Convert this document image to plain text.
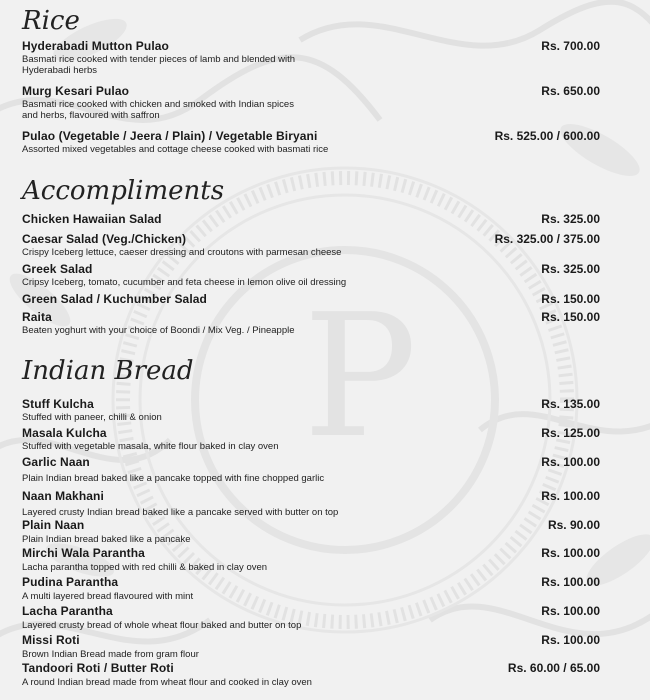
P
Rice
Hyderabadi Mutton Pulao	Rs. 700.00
Basmati rice cooked with tender pieces of lamb and blended with Hyderabadi herbs
Murg Kesari Pulao	Rs. 650.00
Basmati rice cooked with chicken and smoked with Indian spices and herbs, flavoured with saffron
Pulao (Vegetable / Jeera / Plain) / Vegetable Biryani	Rs. 525.00 / 600.00
Assorted mixed vegetables and cottage cheese cooked with basmati rice
Accompliments
Chicken Hawaiian Salad	Rs. 325.00
Caesar Salad (Veg./Chicken)	Rs. 325.00 / 375.00
Crispy Iceberg lettuce, caeser dressing and croutons with parmesan cheese
Greek Salad	Rs. 325.00
Cripsy Iceberg, tomato, cucumber and feta cheese in lemon olive oil dressing
Green Salad / Kuchumber Salad	Rs. 150.00
Raita	Rs. 150.00
Beaten yoghurt with your choice of Boondi / Mix Veg. / Pineapple
Indian Bread
Stuff Kulcha	Rs. 135.00
Stuffed with paneer, chilli & onion
Masala Kulcha	Rs. 125.00
Stuffed with vegetable masala, white flour baked in clay oven
Garlic Naan	Rs. 100.00
Plain Indian bread baked like a pancake topped with fine chopped garlic
Naan Makhani	Rs. 100.00
Layered crusty Indian bread baked like a pancake served with butter on top
Plain Naan	Rs. 90.00
Plain Indian bread baked like a pancake
Mirchi Wala Parantha	Rs. 100.00
Lacha parantha topped with red chilli & baked in clay oven
Pudina Parantha	Rs. 100.00
A multi layered bread flavoured with mint
Lacha Parantha	Rs. 100.00
Layered crusty bread of whole wheat flour baked and butter on top
Missi Roti	Rs. 100.00
Brown Indian Bread made from gram flour
Tandoori Roti / Butter Roti	Rs. 60.00 / 65.00
A round Indian bread made from wheat flour and cooked in clay oven
